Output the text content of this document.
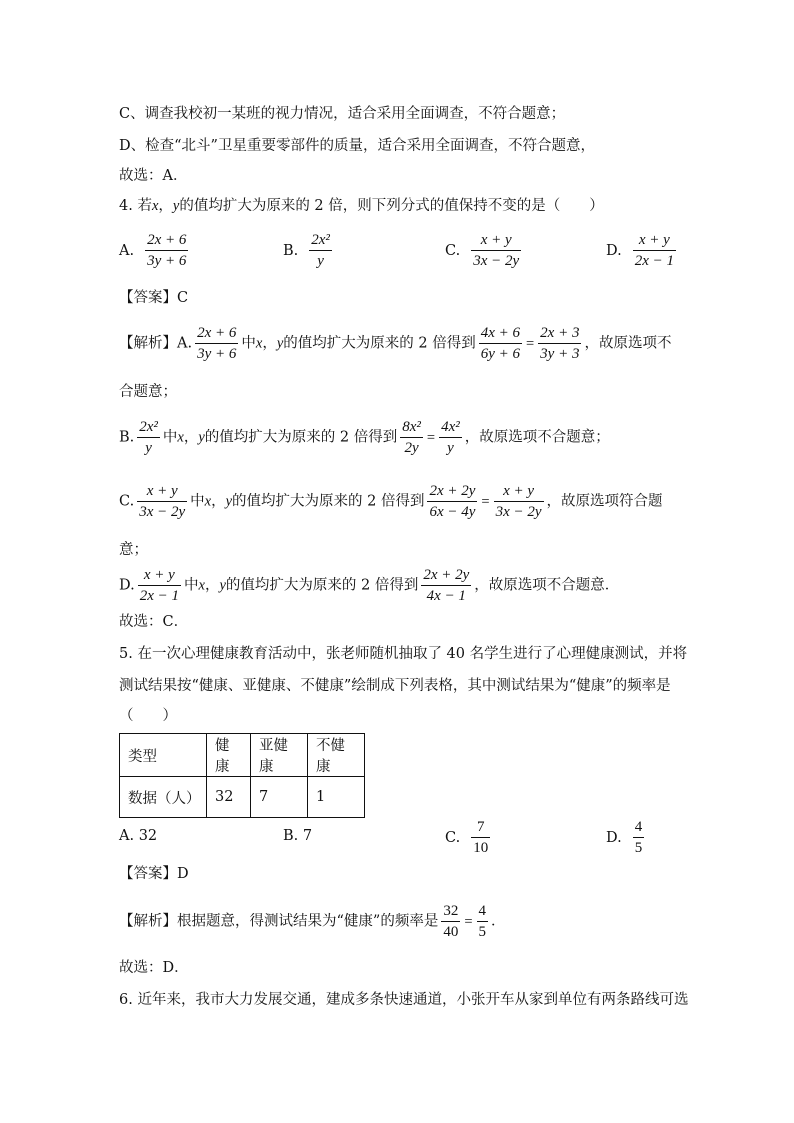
C、调查我校初一某班的视力情况，适合采用全面调查，不符合题意；
D、检查“北斗”卫星重要零部件的质量，适合采用全面调查，不符合题意，
故选：A．
4. 若x，y的值均扩大为原来的 2 倍，则下列分式的值保持不变的是（　　）
A. $\frac{2x + 6}{3y + 6}$	B. $\frac{\text{2x²}}{y}$	C. $\frac{x + y}{3x - 2y}$	D. $\frac{x + y}{2x - 1}$
【答案】C
【解析】A. $\frac{2x + 6}{3y + 6}$ 中x，y的值均扩大为原来的 2 倍得到 $\frac{4x + 6}{6y + 6} = \frac{2x + 3}{3y + 3}$ ，故原选项不
合题意；
B. $\frac{\text{2x²}}{y}$ 中x，y的值均扩大为原来的 2 倍得到 $\frac{\text{8x²}}{2y} = \frac{\text{4x²}}{y}$ ，故原选项不合题意；
C. $\frac{x + y}{3x - 2y}$ 中x，y的值均扩大为原来的 2 倍得到 $\frac{2x + 2y}{6x - 4y} = \frac{x + y}{3x - 2y}$ ，故原选项符合题
意；
D. $\frac{x + y}{2x - 1}$ 中x，y的值均扩大为原来的 2 倍得到 $\frac{2x + 2y}{4x - 1}$ ，故原选项不合题意．
故选：C．
5. 在一次心理健康教育活动中，张老师随机抽取了 40 名学生进行了心理健康测试，并将
测试结果按“健康、亚健康、不健康”绘制成下列表格，其中测试结果为“健康”的频率是
（　　）
类型	健康	亚健康	不健康
数据（人）	32	7	1
A. 32	B. 7	C. $\frac{7}{10}$	D. $\frac{4}{5}$
【答案】D
【解析】根据题意，得测试结果为“健康”的频率是 $\frac{32}{40} = \frac{4}{5}$ ．
故选：D．
6. 近年来，我市大力发展交通，建成多条快速通道，小张开车从家到单位有两条路线可选
